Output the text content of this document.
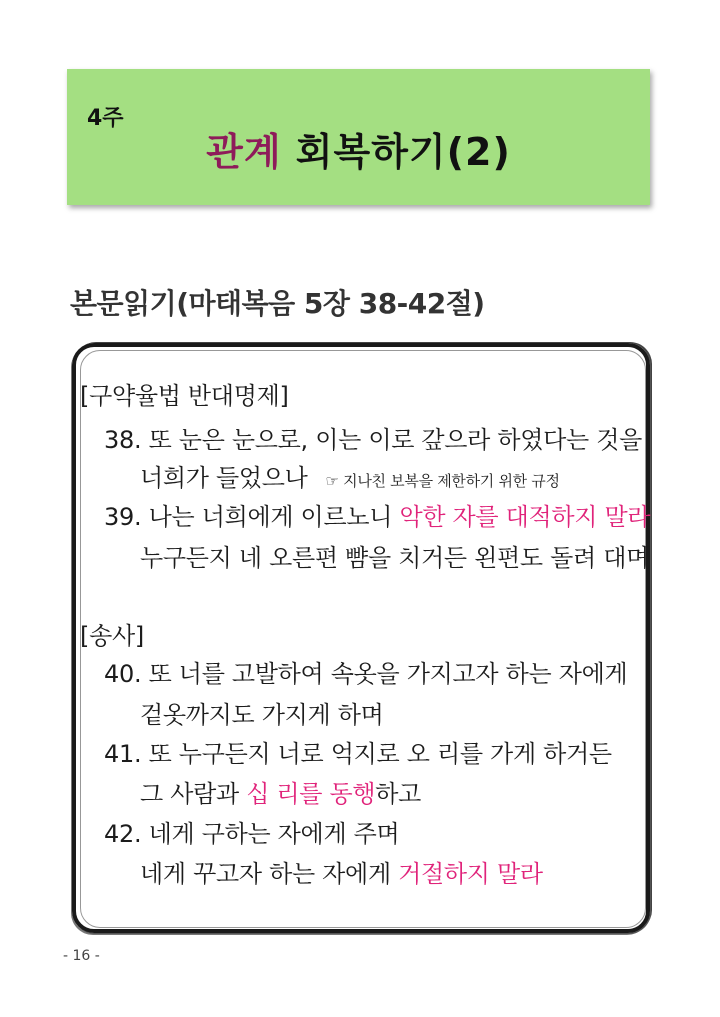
4주
관계 회복하기(2)
본문읽기(마태복음 5장 38-42절)
[구약율법 반대명제]
38. 또 눈은 눈으로, 이는 이로 갚으라 하였다는 것을
너희가 들었으나 ☞ 지나친 보복을 제한하기 위한 규정
39. 나는 너희에게 이르노니 악한 자를 대적하지 말라
누구든지 네 오른편 뺨을 치거든 왼편도 돌려 대며
[송사]
40. 또 너를 고발하여 속옷을 가지고자 하는 자에게
겉옷까지도 가지게 하며
41. 또 누구든지 너로 억지로 오 리를 가게 하거든
그 사람과 십 리를 동행하고
42. 네게 구하는 자에게 주며
네게 꾸고자 하는 자에게 거절하지 말라
- 16 -
